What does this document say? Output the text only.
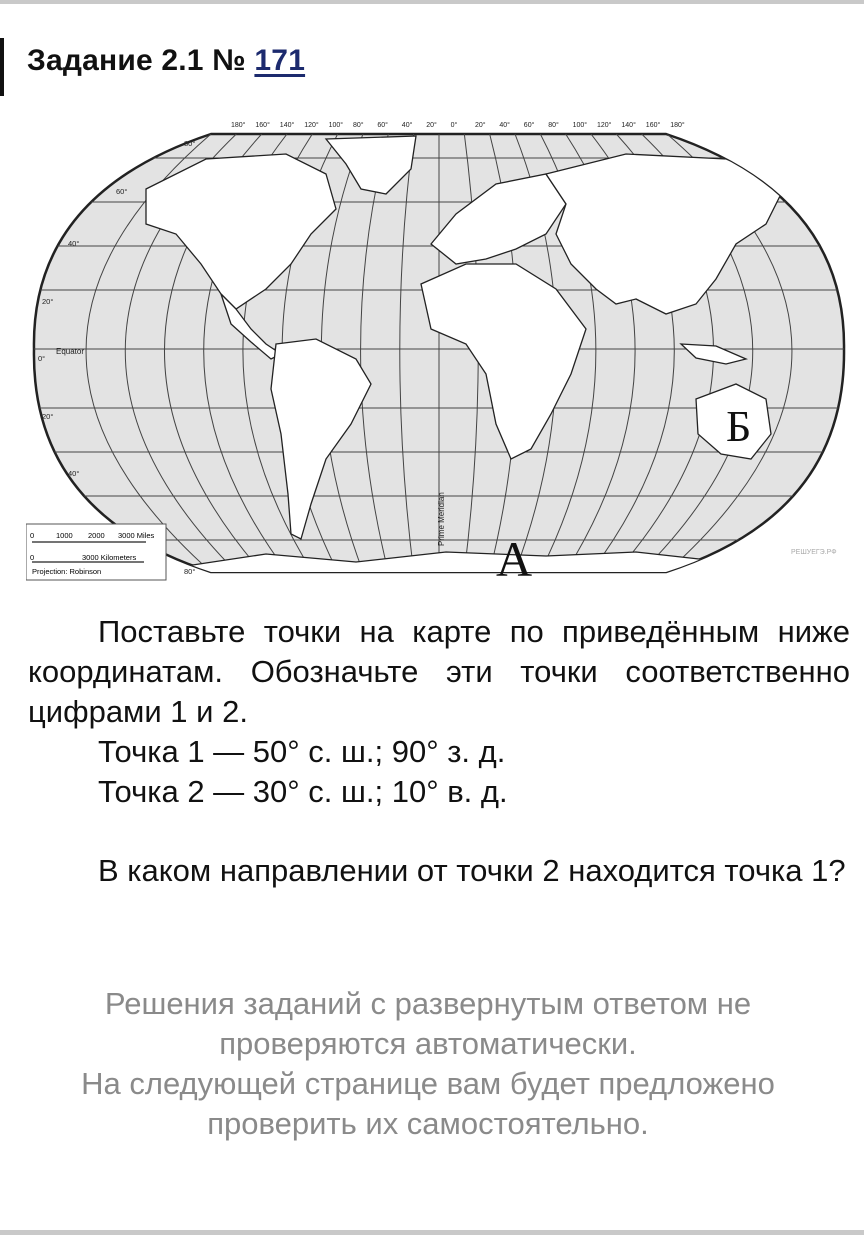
Задание 2.1 № 171
180° 160° 140° 120° 100° 80° 60° 40° 20° 0°	20° 40° 60° 80° 100° 120° 140° 160° 180°
80°
60°
40°
20°
0°
20°
40°
80°
0	1000 2000 3000 Miles
0	3000 Kilometers
Projection: Robinson
Equator
Prime Meridian
А
Б
РЕШУЕГЭ.РФ

Поставьте точки на карте по приведённым ниже координатам. Обозначьте эти точки соответственно цифрами 1 и 2.

Точка 1 — 50° с. ш.; 90° з. д.

Точка 2 — 30° с. ш.; 10° в. д.

В каком направлении от точки 2 находится точка 1?

Решения заданий с развернутым ответом не проверяются автоматически.

На следующей странице вам будет предложено проверить их самостоятельно.
